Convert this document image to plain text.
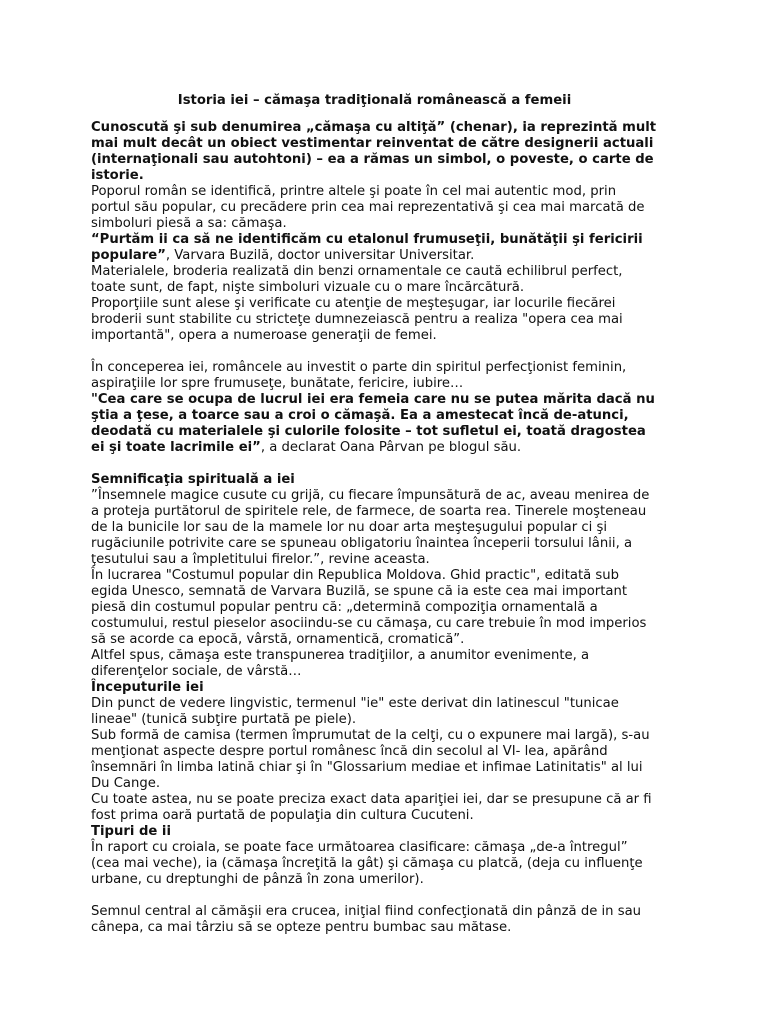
Istoria iei – cămaşa tradiţională românească a femeii

Cunoscută şi sub denumirea „cămaşa cu altiţă” (chenar), ia reprezintă mult mai mult decât un obiect vestimentar reinventat de către designerii actuali (internaţionali sau autohtoni) – ea a rămas un simbol, o poveste, o carte de istorie.

Poporul român se identifică, printre altele şi poate în cel mai autentic mod, prin portul său popular, cu precădere prin cea mai reprezentativă şi cea mai marcată de simboluri piesă a sa: cămaşa.

“Purtăm ii ca să ne identificăm cu etalonul frumuseţii, bunătăţii şi fericirii populare”, Varvara Buzilă, doctor universitar Universitar.

Materialele, broderia realizată din benzi ornamentale ce caută echilibrul perfect, toate sunt, de fapt, nişte simboluri vizuale cu o mare încărcătură.

Proporţiile sunt alese şi verificate cu atenţie de meşteşugar, iar locurile fiecărei broderii sunt stabilite cu stricteţe dumnezeiască pentru a realiza "opera cea mai importantă", opera a numeroase generaţii de femei.

În conceperea iei, româncele au investit o parte din spiritul perfecţionist feminin, aspiraţiile lor spre frumuseţe, bunătate, fericire, iubire…

"Cea care se ocupa de lucrul iei era femeia care nu se putea mărita dacă nu ştia a ţese, a toarce sau a croi o cămaşă. Ea a amestecat încă de-atunci, deodată cu materialele şi culorile folosite – tot sufletul ei, toată dragostea ei şi toate lacrimile ei”, a declarat Oana Pârvan pe blogul său.

Semnificaţia spirituală a iei

”Însemnele magice cusute cu grijă, cu fiecare împunsătură de ac, aveau menirea de a proteja purtătorul de spiritele rele, de farmece, de soarta rea. Tinerele moşteneau de la bunicile lor sau de la mamele lor nu doar arta meşteşugului popular ci şi rugăciunile potrivite care se spuneau obligatoriu înaintea începerii torsului lânii, a ţesutului sau a împletitului firelor.”, revine aceasta.

În lucrarea "Costumul popular din Republica Moldova. Ghid practic", editată sub egida Unesco, semnată de Varvara Buzilă, se spune că ia este cea mai important piesă din costumul popular pentru că: „determină compoziţia ornamentală a costumului, restul pieselor asociindu-se cu cămaşa, cu care trebuie în mod imperios să se acorde ca epocă, vârstă, ornamentică, cromatică”.

Altfel spus, cămaşa este transpunerea tradiţiilor, a anumitor evenimente, a diferenţelor sociale, de vârstă…

Începuturile iei

Din punct de vedere lingvistic, termenul "ie" este derivat din latinescul "tunicae lineae" (tunică subţire purtată pe piele).

Sub formă de camisa (termen împrumutat de la celţi, cu o expunere mai largă), s-au menţionat aspecte despre portul românesc încă din secolul al VI- lea, apărând însemnări în limba latină chiar şi în "Glossarium mediae et infimae Latinitatis" al lui Du Cange.

Cu toate astea, nu se poate preciza exact data apariţiei iei, dar se presupune că ar fi fost prima oară purtată de populaţia din cultura Cucuteni.

Tipuri de ii

În raport cu croiala, se poate face următoarea clasificare: cămaşa „de-a întregul” (cea mai veche), ia (cămaşa încreţită la gât) şi cămaşa cu platcă, (deja cu influenţe urbane, cu dreptunghi de pânză în zona umerilor).

Semnul central al cămăşii era crucea, iniţial fiind confecţionată din pânză de in sau cânepa, ca mai târziu să se opteze pentru bumbac sau mătase.
